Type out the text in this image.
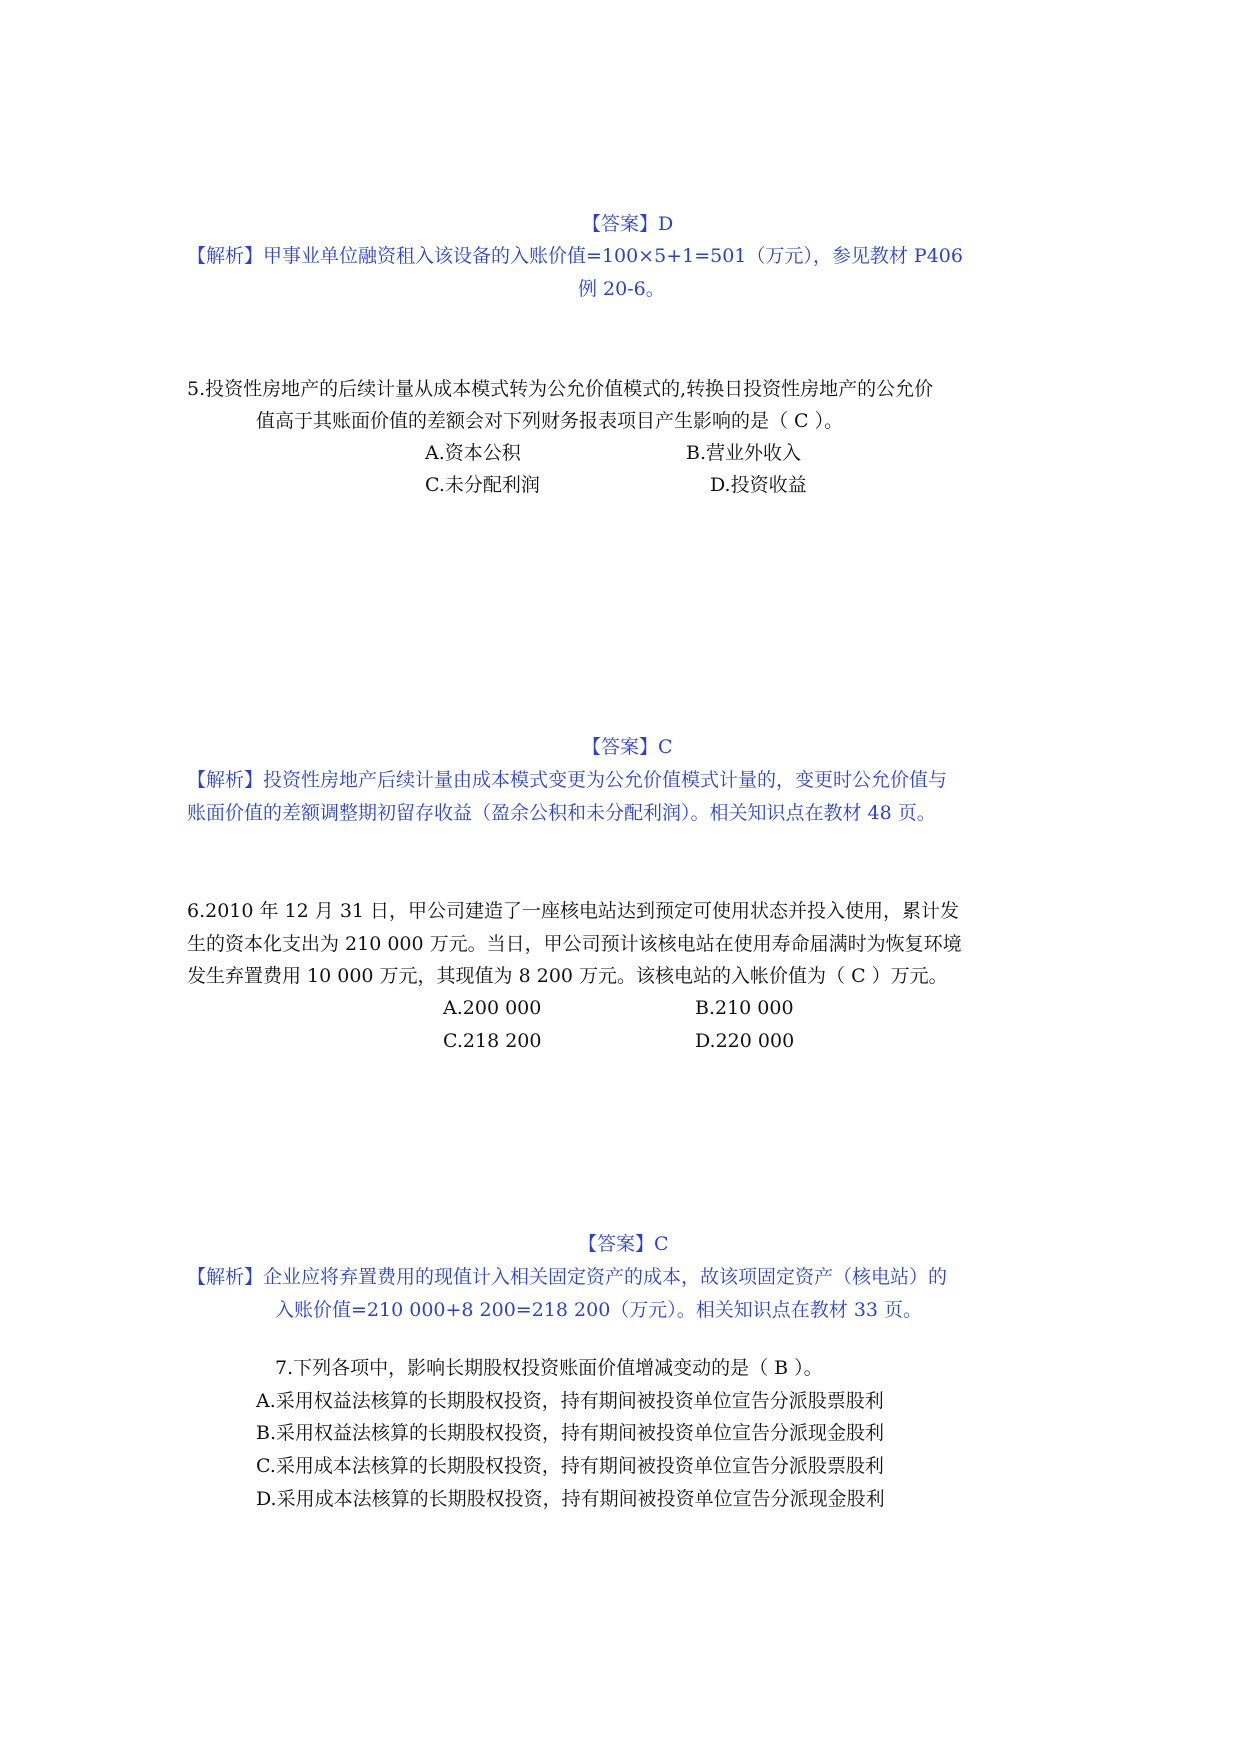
【答案】D
【解析】甲事业单位融资租入该设备的入账价值=100×5+1=501（万元），参见教材 P406
例 20-6。
5.投资性房地产的后续计量从成本模式转为公允价值模式的,转换日投资性房地产的公允价
值高于其账面价值的差额会对下列财务报表项目产生影响的是（ C ）。
A.资本公积	B.营业外收入
C.未分配利润	D.投资收益
【答案】C
【解析】投资性房地产后续计量由成本模式变更为公允价值模式计量的，变更时公允价值与
账面价值的差额调整期初留存收益（盈余公积和未分配利润）。相关知识点在教材 48 页。
6.2010 年 12 月 31 日，甲公司建造了一座核电站达到预定可使用状态并投入使用，累计发
生的资本化支出为 210 000 万元。当日，甲公司预计该核电站在使用寿命届满时为恢复环境
发生弃置费用 10 000 万元，其现值为 8 200 万元。该核电站的入帐价值为（ C ）万元。
A.200 000	B.210 000
C.218 200	D.220 000
【答案】C
【解析】企业应将弃置费用的现值计入相关固定资产的成本，故该项固定资产（核电站）的
入账价值=210 000+8 200=218 200（万元）。相关知识点在教材 33 页。
7.下列各项中，影响长期股权投资账面价值增减变动的是（ B ）。
A.采用权益法核算的长期股权投资，持有期间被投资单位宣告分派股票股利
B.采用权益法核算的长期股权投资，持有期间被投资单位宣告分派现金股利
C.采用成本法核算的长期股权投资，持有期间被投资单位宣告分派股票股利
D.采用成本法核算的长期股权投资，持有期间被投资单位宣告分派现金股利
